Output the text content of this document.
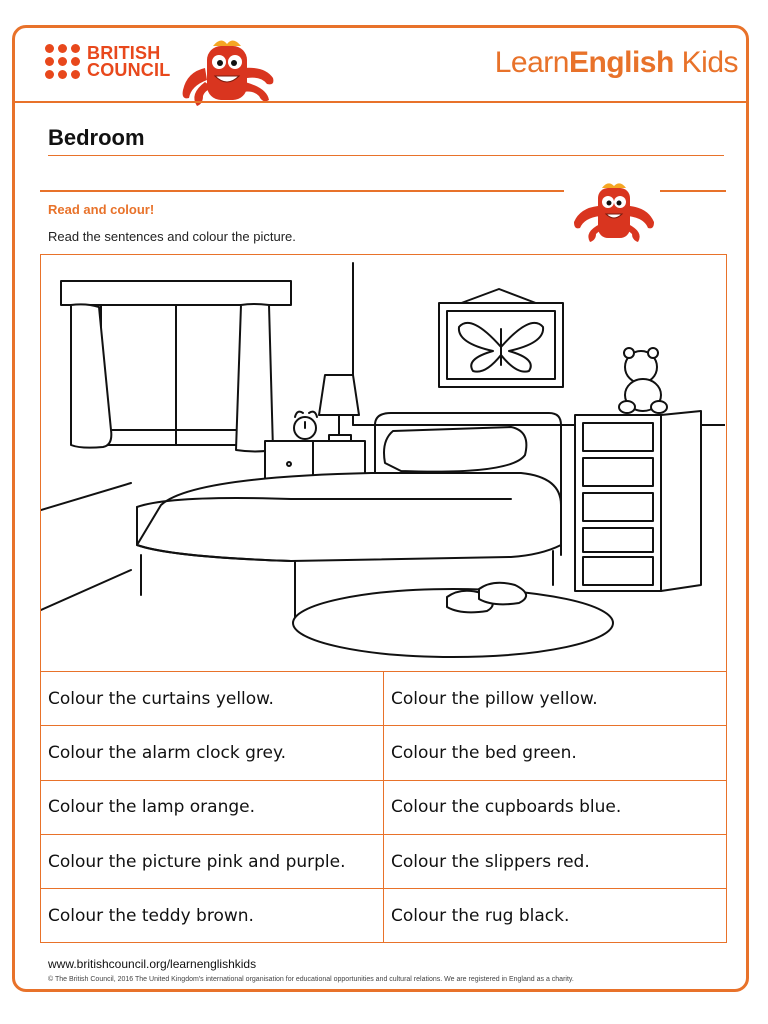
BRITISH
COUNCIL	LearnEnglish Kids
Bedroom
Read and colour!
Read the sentences and colour the picture.
Colour the curtains yellow.	Colour the pillow yellow.
Colour the alarm clock grey.	Colour the bed green.
Colour the lamp orange.	Colour the cupboards blue.
Colour the picture pink and purple.	Colour the slippers red.
Colour the teddy brown.	Colour the rug black.
www.britishcouncil.org/learnenglishkids
© The British Council, 2016 The United Kingdom's international organisation for educational opportunities and cultural relations. We are registered in England as a charity.
